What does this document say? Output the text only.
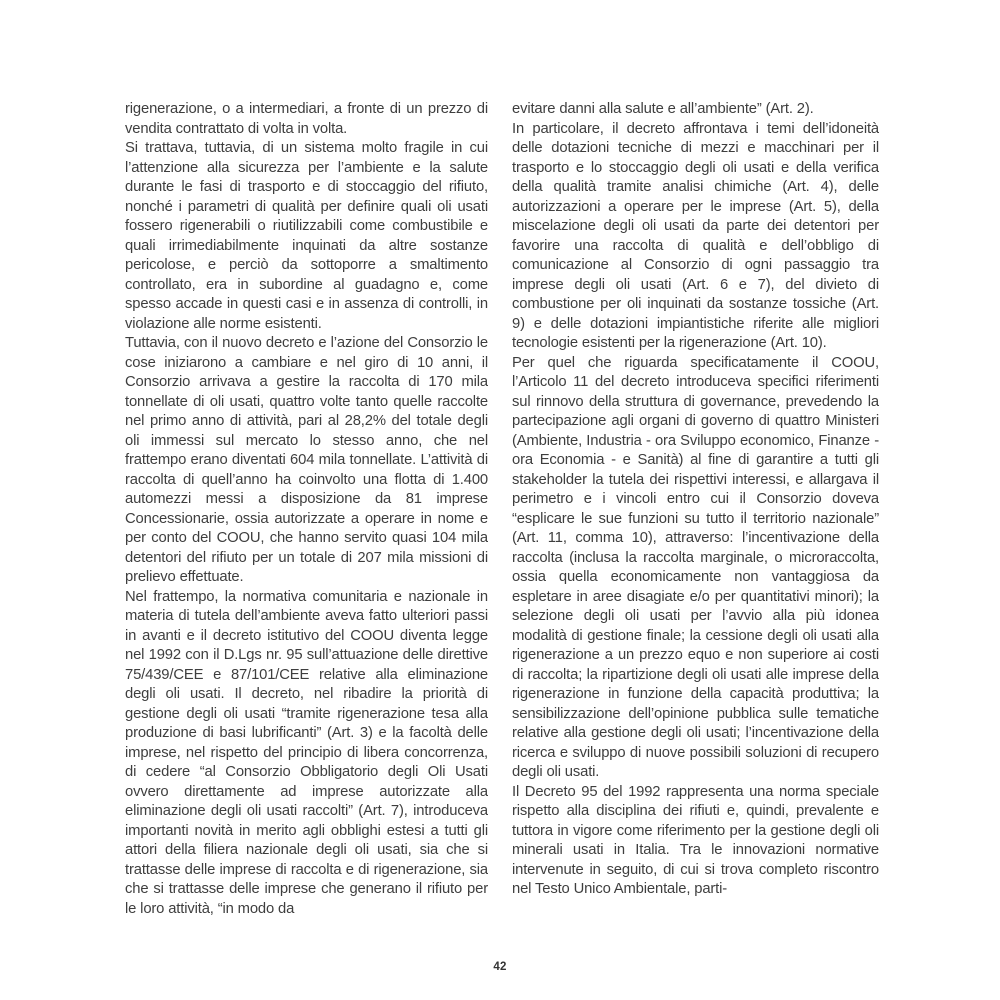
rigenerazione, o a intermediari, a fronte di un prezzo di vendita contrattato di volta in volta.

Si trattava, tuttavia, di un sistema molto fragile in cui l’attenzione alla sicurezza per l’ambiente e la salute durante le fasi di trasporto e di stoccaggio del rifiuto, nonché i parametri di qualità per definire quali oli usati fossero rigenerabili o riutilizzabili come combustibile e quali irrimediabilmente inquinati da altre sostanze pericolose, e perciò da sottoporre a smaltimento controllato, era in subordine al guadagno e, come spesso accade in questi casi e in assenza di controlli, in violazione alle norme esistenti.

Tuttavia, con il nuovo decreto e l’azione del Consorzio le cose iniziarono a cambiare e nel giro di 10 anni, il Consorzio arrivava a gestire la raccolta di 170 mila tonnellate di oli usati, quattro volte tanto quelle raccolte nel primo anno di attività, pari al 28,2% del totale degli oli immessi sul mercato lo stesso anno, che nel frattempo erano diventati 604 mila tonnellate. L’attività di raccolta di quell’anno ha coinvolto una flotta di 1.400 automezzi messi a disposizione da 81 imprese Concessionarie, ossia autorizzate a operare in nome e per conto del COOU, che hanno servito quasi 104 mila detentori del rifiuto per un totale di 207 mila missioni di prelievo effettuate.

Nel frattempo, la normativa comunitaria e nazionale in materia di tutela dell’ambiente aveva fatto ulteriori passi in avanti e il decreto istitutivo del COOU diventa legge nel 1992 con il D.Lgs nr. 95 sull’attuazione delle direttive 75/439/CEE e 87/101/CEE relative alla eliminazione degli oli usati. Il decreto, nel ribadire la priorità di gestione degli oli usati “tramite rigenerazione tesa alla produzione di basi lubrificanti” (Art. 3) e la facoltà delle imprese, nel rispetto del principio di libera concorrenza, di cedere “al Consorzio Obbligatorio degli Oli Usati ovvero direttamente ad imprese autorizzate alla eliminazione degli oli usati raccolti” (Art. 7), introduceva importanti novità in merito agli obblighi estesi a tutti gli attori della filiera nazionale degli oli usati, sia che si trattasse delle imprese di raccolta e di rigenerazione, sia che si trattasse delle imprese che generano il rifiuto per le loro attività, “in modo da

evitare danni alla salute e all’ambiente” (Art. 2).

In particolare, il decreto affrontava i temi dell’idoneità delle dotazioni tecniche di mezzi e macchinari per il trasporto e lo stoccaggio degli oli usati e della verifica della qualità tramite analisi chimiche (Art. 4), delle autorizzazioni a operare per le imprese (Art. 5), della miscelazione degli oli usati da parte dei detentori per favorire una raccolta di qualità e dell’obbligo di comunicazione al Consorzio di ogni passaggio tra imprese degli oli usati (Art. 6 e 7), del divieto di combustione per oli inquinati da sostanze tossiche (Art. 9) e delle dotazioni impiantistiche riferite alle migliori tecnologie esistenti per la rigenerazione (Art. 10).

Per quel che riguarda specificatamente il COOU, l’Articolo 11 del decreto introduceva specifici riferimenti sul rinnovo della struttura di governance, prevedendo la partecipazione agli organi di governo di quattro Ministeri (Ambiente, Industria - ora Sviluppo economico, Finanze - ora Economia - e Sanità) al fine di garantire a tutti gli stakeholder la tutela dei rispettivi interessi, e allargava il perimetro e i vincoli entro cui il Consorzio doveva “esplicare le sue funzioni su tutto il territorio nazionale” (Art. 11, comma 10), attraverso: l’incentivazione della raccolta (inclusa la raccolta marginale, o microraccolta, ossia quella economicamente non vantaggiosa da espletare in aree disagiate e/o per quantitativi minori); la selezione degli oli usati per l’avvio alla più idonea modalità di gestione finale; la cessione degli oli usati alla rigenerazione a un prezzo equo e non superiore ai costi di raccolta; la ripartizione degli oli usati alle imprese della rigenerazione in funzione della capacità produttiva; la sensibilizzazione dell’opinione pubblica sulle tematiche relative alla gestione degli oli usati; l’incentivazione della ricerca e sviluppo di nuove possibili soluzioni di recupero degli oli usati.

Il Decreto 95 del 1992 rappresenta una norma speciale rispetto alla disciplina dei rifiuti e, quindi, prevalente e tuttora in vigore come riferimento per la gestione degli oli minerali usati in Italia. Tra le innovazioni normative intervenute in seguito, di cui si trova completo riscontro nel Testo Unico Ambientale, parti-

42
